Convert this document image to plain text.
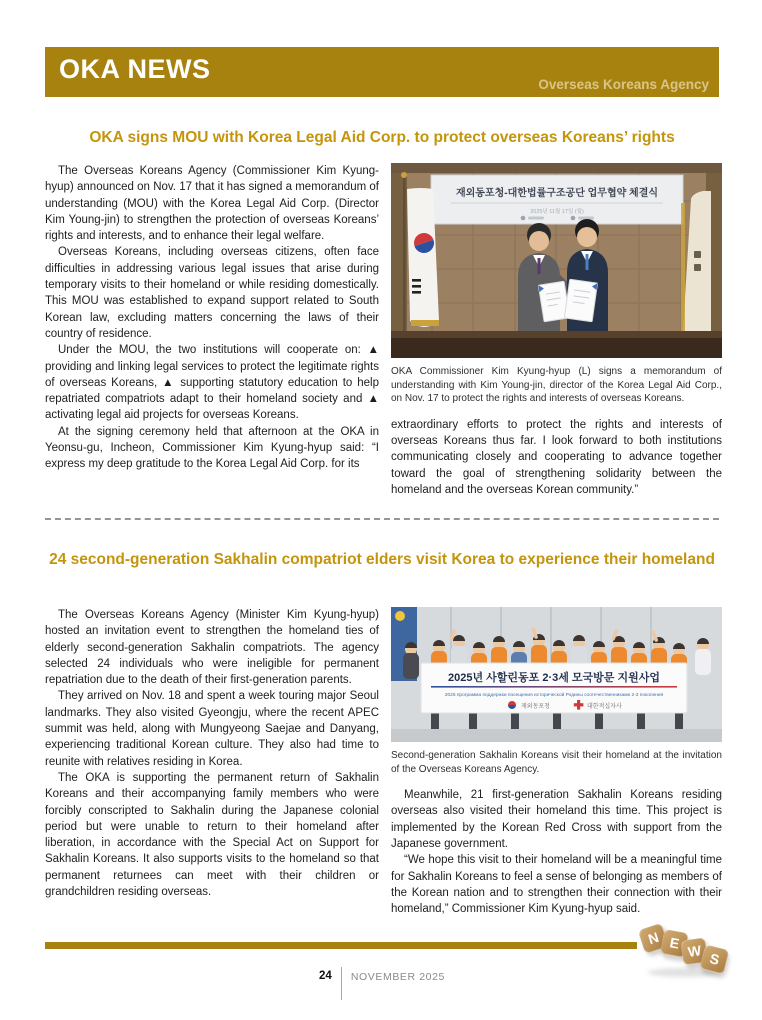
OKA NEWS
Overseas Koreans Agency
OKA signs MOU with Korea Legal Aid Corp. to protect overseas Koreans’ rights

The Overseas Koreans Agency (Commissioner Kim Kyung-hyup) announced on Nov. 17 that it has signed a memorandum of understanding (MOU) with the Korea Legal Aid Corp. (Director Kim Young-jin) to strengthen the protection of overseas Koreans’ rights and interests, and to enhance their legal welfare.

Overseas Koreans, including overseas citizens, often face difficulties in addressing various legal issues that arise during temporary visits to their homeland or while residing domestically. This MOU was established to expand support related to South Korean law, excluding matters concerning the laws of their country of residence.

Under the MOU, the two institutions will cooperate on: ▲ providing and linking legal services to protect the legitimate rights of overseas Koreans, ▲ supporting statutory education to help repatriated compatriots adapt to their homeland society and ▲ activating legal aid projects for overseas Koreans.

At the signing ceremony held that afternoon at the OKA in Yeonsu-gu, Incheon, Commissioner Kim Kyung-hyup said: “I express my deep gratitude to the Korea Legal Aid Corp. for its

재외동포청-대한법률구조공단 업무협약 체결식
2025년 11월 17일 (월)
OKA Commissioner Kim Kyung-hyup (L) signs a memorandum of understanding with Kim Young-jin, director of the Korea Legal Aid Corp., on Nov. 17 to protect the rights and interests of overseas Koreans.

extraordinary efforts to protect the rights and interests of overseas Koreans thus far. I look forward to both institutions communicating closely and cooperating to advance together toward the goal of strengthening solidarity between the homeland and the overseas Korean community.”

24 second-generation Sakhalin compatriot elders visit Korea to experience their homeland

The Overseas Koreans Agency (Minister Kim Kyung-hyup) hosted an invitation event to strengthen the homeland ties of elderly second-generation Sakhalin compatriots. The agency selected 24 individuals who were ineligible for permanent repatriation due to the death of their first-generation parents.

They arrived on Nov. 18 and spent a week touring major Seoul landmarks. They also visited Gyeongju, where the recent APEC summit was held, along with Mungyeong Saejae and Danyang, experiencing traditional Korean culture. They also had time to reunite with relatives residing in Korea.

The OKA is supporting the permanent return of Sakhalin Koreans and their accompanying family members who were forcibly conscripted to Sakhalin during the Japanese colonial period but were unable to return to their homeland after liberation, in accordance with the Special Act on Support for Sakhalin Koreans. It also supports visits to the homeland so that permanent returnees can meet with their children or grandchildren residing overseas.

2025년 사할린동포 2·3세 모국방문 지원사업
2025 программа поддержки посещения исторической Родины соотечественниками 2-3 поколения
재외동포청	대한적십자사
Second-generation Sakhalin Koreans visit their homeland at the invitation of the Overseas Koreans Agency.

Meanwhile, 21 first-generation Sakhalin Koreans residing overseas also visited their homeland this time. This project is implemented by the Korean Red Cross with support from the Japanese government.

“We hope this visit to their homeland will be a meaningful time for Sakhalin Koreans to feel a sense of belonging as members of the Korean nation and to strengthen their connection with their homeland,” Commissioner Kim Kyung-hyup said.

N E W S
24 NOVEMBER 2025
